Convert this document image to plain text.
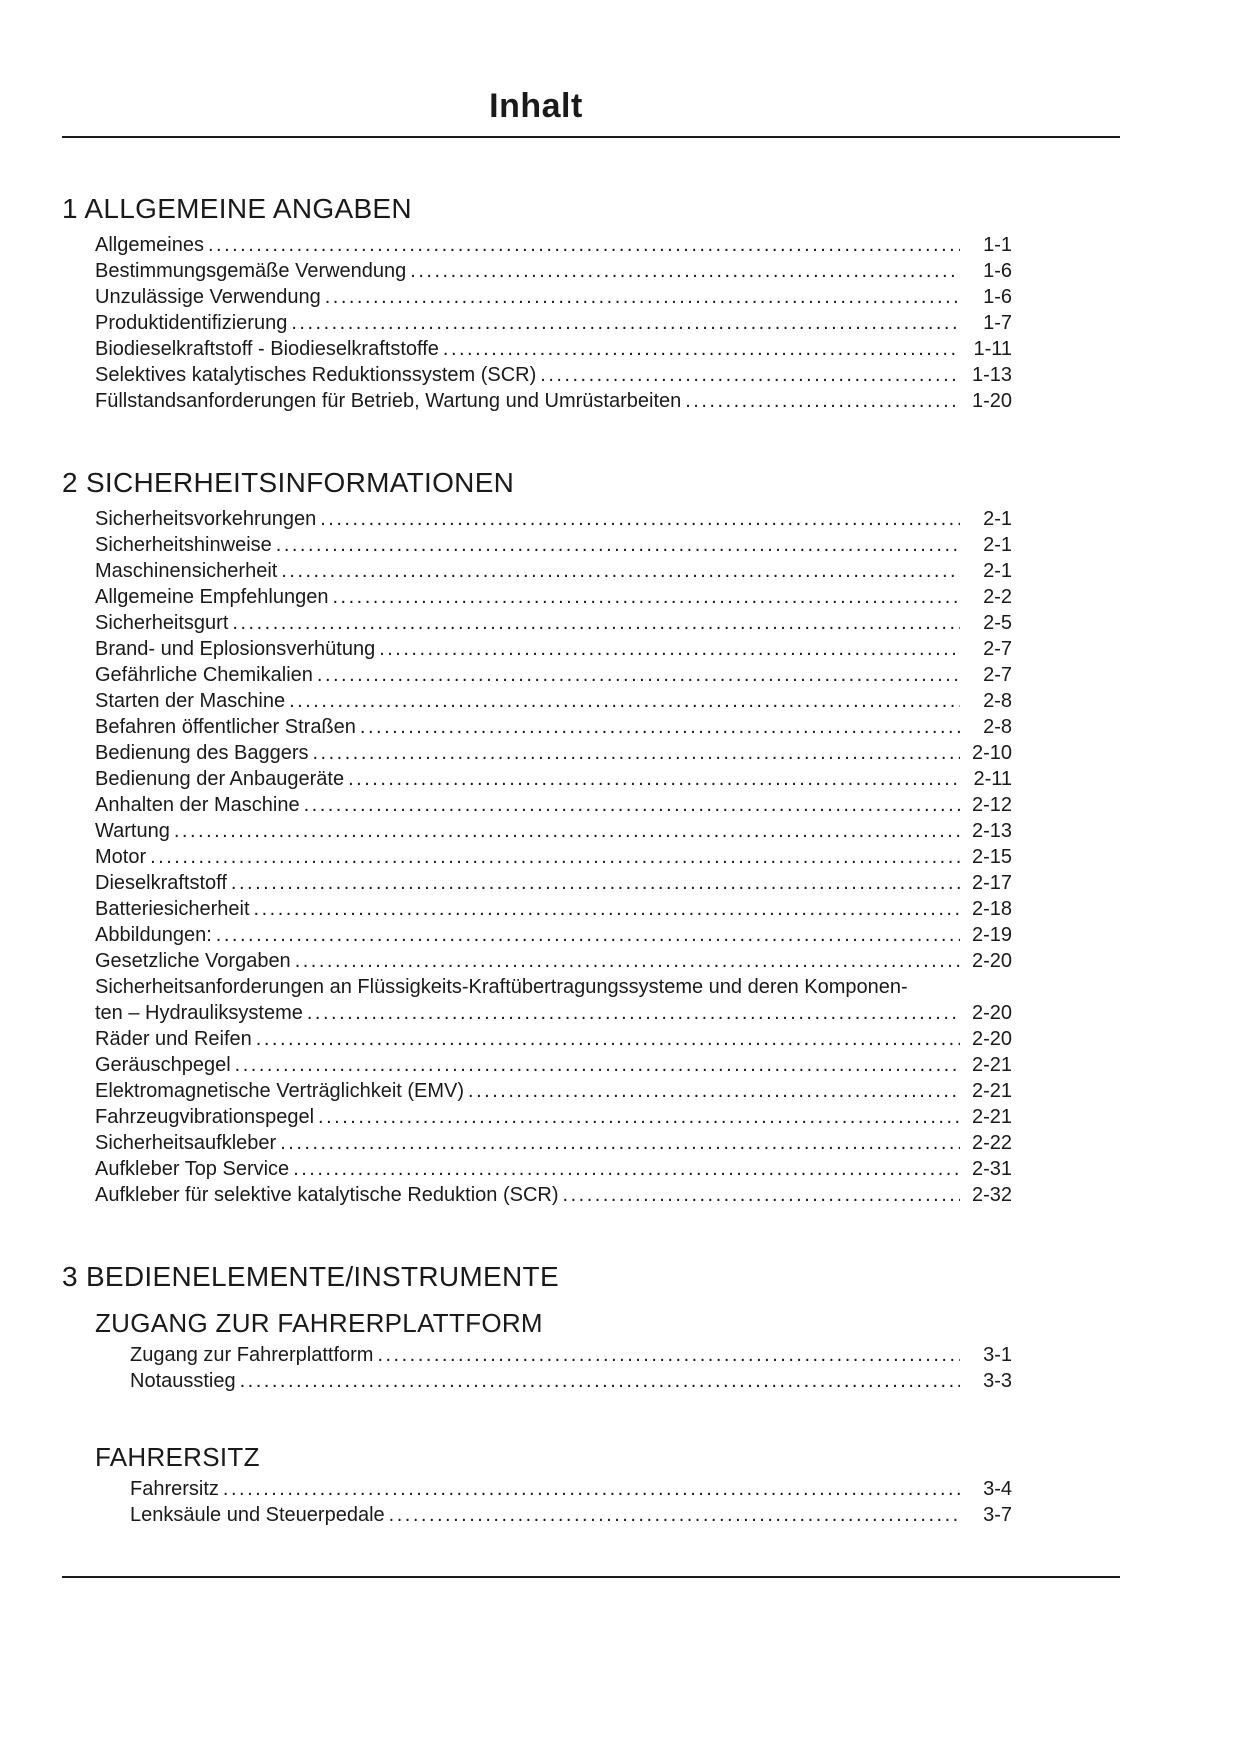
Inhalt
1 ALLGEMEINE ANGABEN
Allgemeines .....	1-1
Bestimmungsgemäße Verwendung .....	1-6
Unzulässige Verwendung .....	1-6
Produktidentifizierung .....	1-7
Biodieselkraftstoff - Biodieselkraftstoffe .....	1-11
Selektives katalytisches Reduktionssystem (SCR) .....	1-13
Füllstandsanforderungen für Betrieb, Wartung und Umrüstarbeiten .....	1-20
2 SICHERHEITSINFORMATIONEN
Sicherheitsvorkehrungen .....	2-1
Sicherheitshinweise .....	2-1
Maschinensicherheit .....	2-1
Allgemeine Empfehlungen .....	2-2
Sicherheitsgurt .....	2-5
Brand- und Eplosionsverhütung .....	2-7
Gefährliche Chemikalien .....	2-7
Starten der Maschine .....	2-8
Befahren öffentlicher Straßen .....	2-8
Bedienung des Baggers .....	2-10
Bedienung der Anbaugeräte .....	2-11
Anhalten der Maschine .....	2-12
Wartung .....	2-13
Motor .....	2-15
Dieselkraftstoff .....	2-17
Batteriesicherheit .....	2-18
Abbildungen: .....	2-19
Gesetzliche Vorgaben .....	2-20
Sicherheitsanforderungen an Flüssigkeits-Kraftübertragungssysteme und deren Komponen-
ten – Hydrauliksysteme .....	2-20
Räder und Reifen .....	2-20
Geräuschpegel .....	2-21
Elektromagnetische Verträglichkeit (EMV) .....	2-21
Fahrzeugvibrationspegel .....	2-21
Sicherheitsaufkleber .....	2-22
Aufkleber Top Service .....	2-31
Aufkleber für selektive katalytische Reduktion (SCR) .....	2-32
3 BEDIENELEMENTE/INSTRUMENTE
ZUGANG ZUR FAHRERPLATTFORM
Zugang zur Fahrerplattform .....	3-1
Notausstieg .....	3-3
FAHRERSITZ
Fahrersitz .....	3-4
Lenksäule und Steuerpedale .....	3-7
